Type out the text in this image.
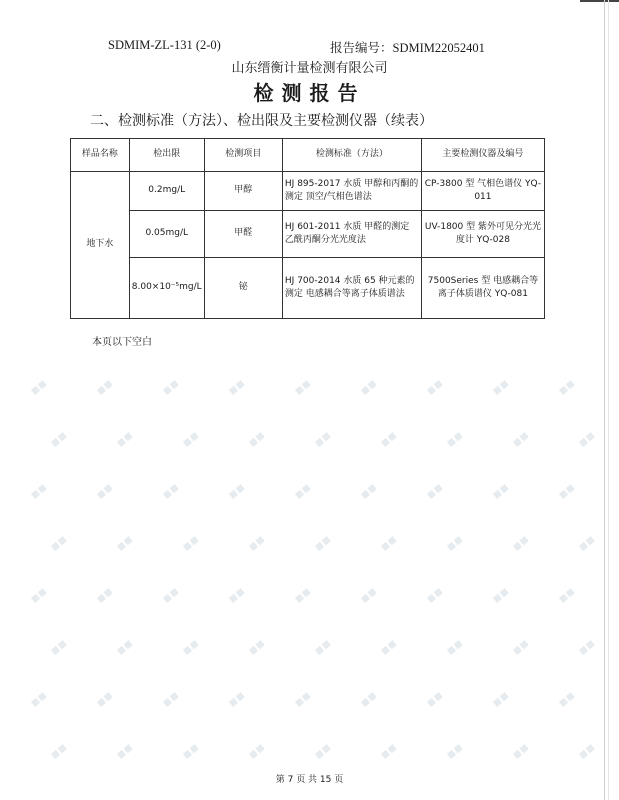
▪▪	▪▪	▪▪	▪▪	▪▪	▪▪	▪▪	▪▪	▪▪
▪▪	▪▪	▪▪	▪▪	▪▪	▪▪	▪▪	▪▪	▪▪
▪▪	▪▪	▪▪	▪▪	▪▪	▪▪	▪▪	▪▪	▪▪
▪▪	▪▪	▪▪	▪▪	▪▪	▪▪	▪▪	▪▪	▪▪
▪▪	▪▪	▪▪	▪▪	▪▪	▪▪	▪▪	▪▪	▪▪
▪▪	▪▪	▪▪	▪▪	▪▪	▪▪	▪▪	▪▪	▪▪
▪▪	▪▪	▪▪	▪▪	▪▪	▪▪	▪▪	▪▪	▪▪
▪▪	▪▪	▪▪	▪▪	▪▪	▪▪	▪▪	▪▪	▪▪
SDMIM-ZL-131 (2-0)	报告编号：SDMIM22052401
山东缙衡计量检测有限公司
检测报告
二、检测标准（方法）、检出限及主要检测仪器（续表）
样品名称	检出限	检测项目	检测标准（方法）	主要检测仪器及编号
地下水	0.2mg/L	甲醇	HJ 895-2017 水质 甲醇和丙酮的测定 顶空/气相色谱法	CP-3800 型 气相色谱仪 YQ-011
	0.05mg/L	甲醛	HJ 601-2011 水质 甲醛的测定 乙酰丙酮分光光度法	UV-1800 型 紫外可见分光光度计 YQ-028
	8.00×10⁻⁵mg/L	铋	HJ 700-2014 水质 65 种元素的测定 电感耦合等离子体质谱法	7500Series 型 电感耦合等离子体质谱仪 YQ-081
本页以下空白
第 7 页 共 15 页
